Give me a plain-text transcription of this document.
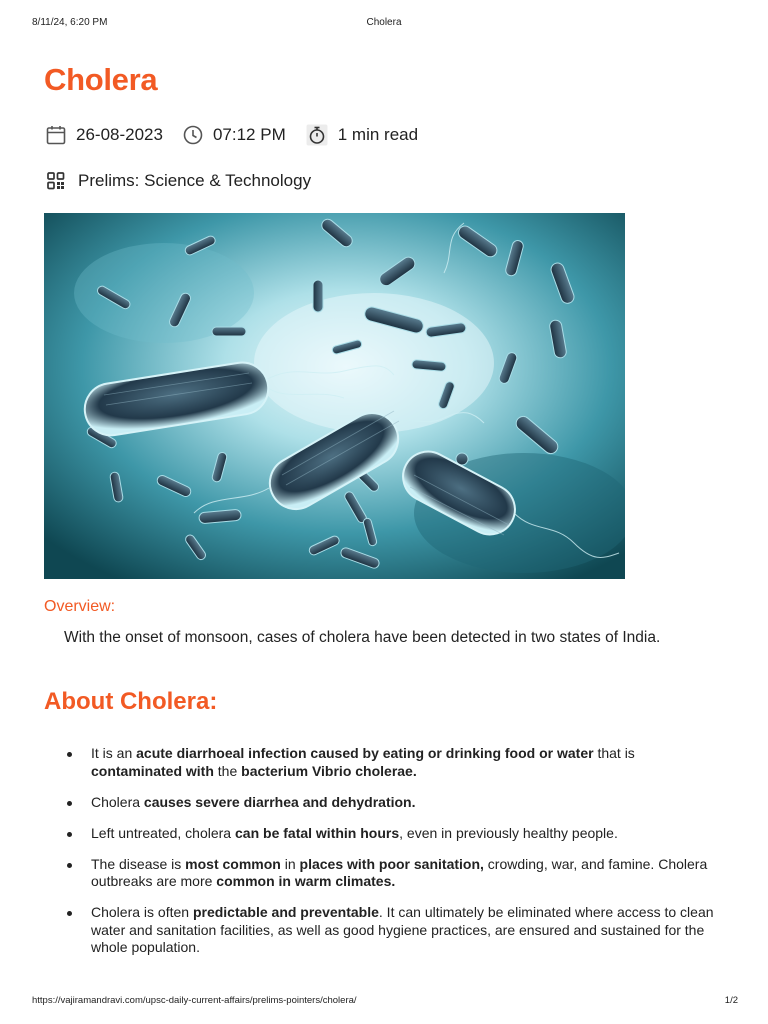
8/11/24, 6:20 PM	Cholera
Cholera
26-08-2023	07:12 PM	1 min read
Prelims: Science & Technology
Overview:

With the onset of monsoon, cases of cholera have been detected in two states of India.

About Cholera:
It is an acute diarrhoeal infection caused by eating or drinking food or water that is contaminated with the bacterium Vibrio cholerae.
Cholera causes severe diarrhea and dehydration.
Left untreated, cholera can be fatal within hours, even in previously healthy people.
The disease is most common in places with poor sanitation, crowding, war, and famine. Cholera outbreaks are more common in warm climates.
Cholera is often predictable and preventable. It can ultimately be eliminated where access to clean water and sanitation facilities, as well as good hygiene practices, are ensured and sustained for the whole population.
https://vajiramandravi.com/upsc-daily-current-affairs/prelims-pointers/cholera/	1/2
